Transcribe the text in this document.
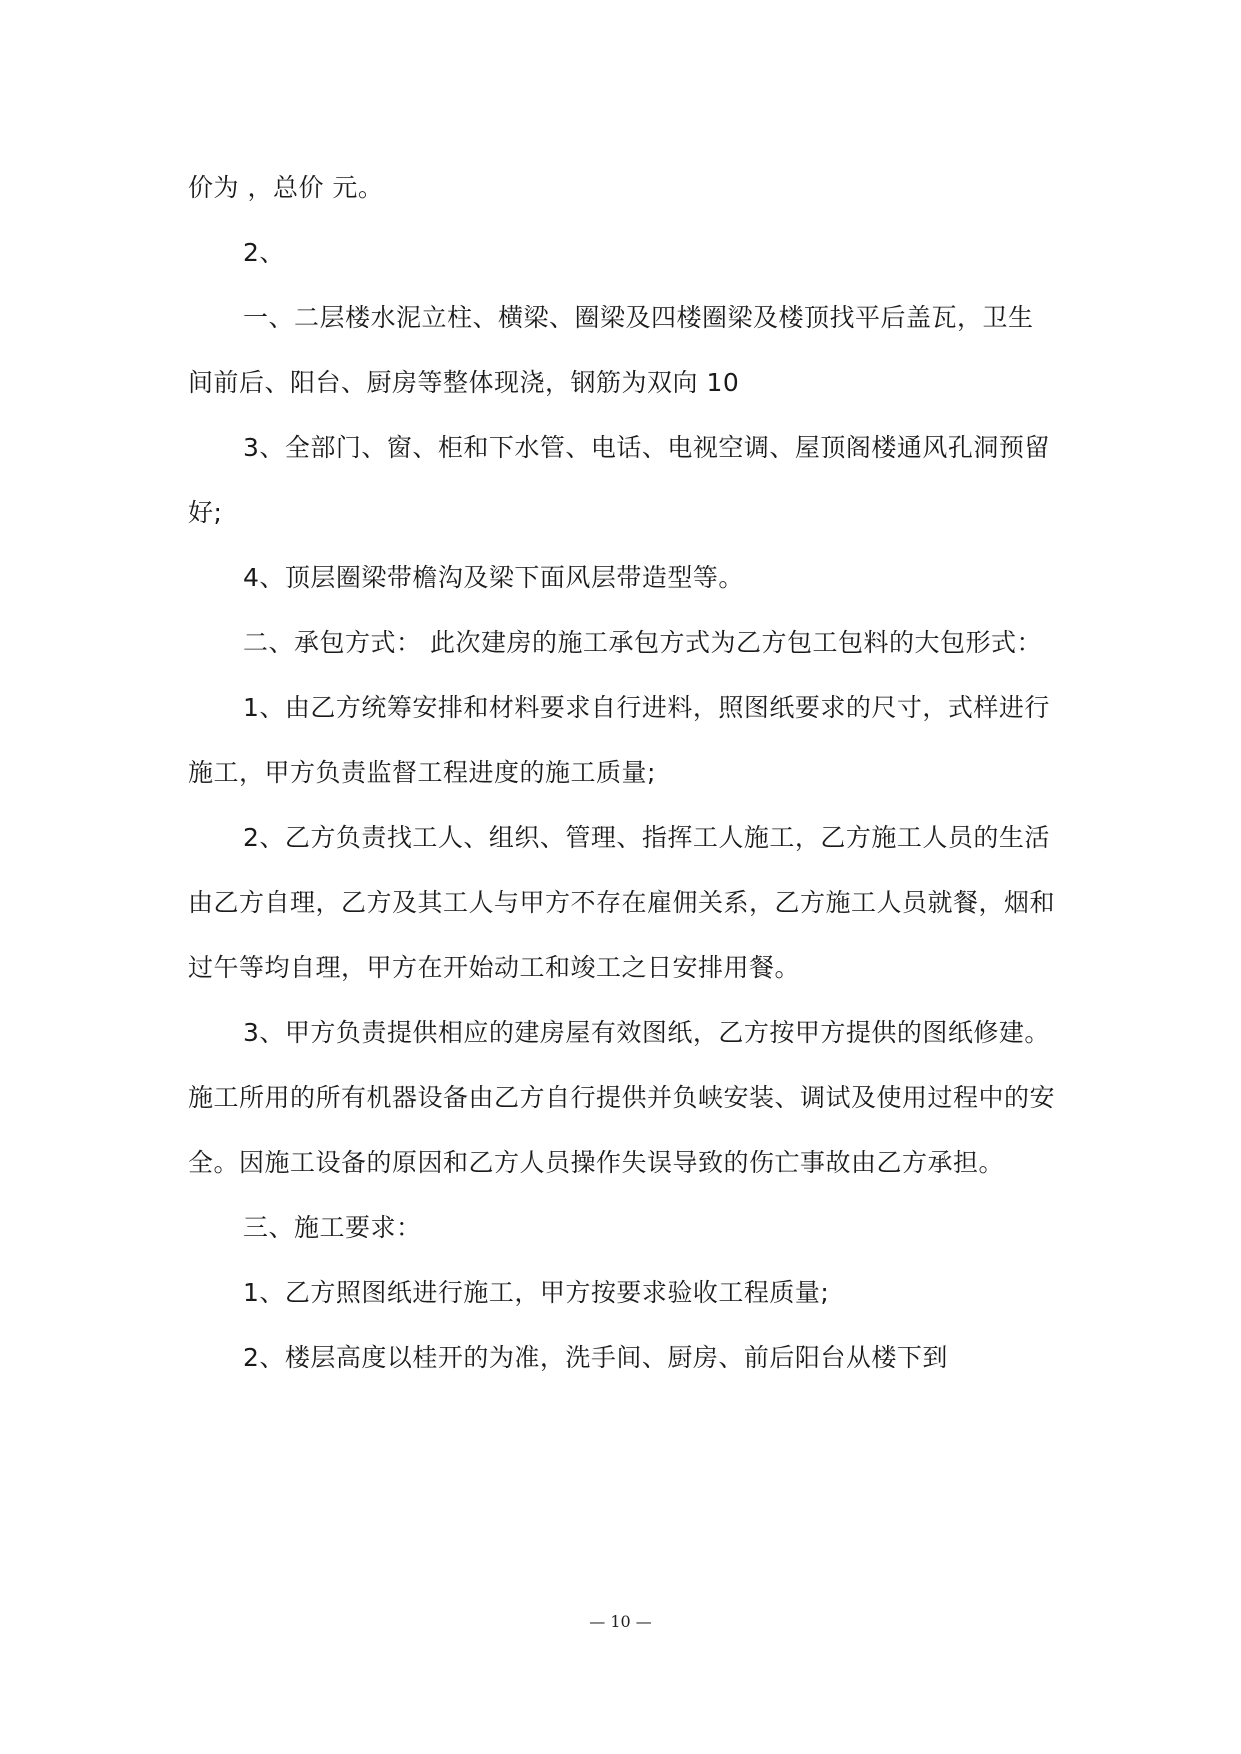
价为 ，总价 元。

2、

一、二层楼水泥立柱、横梁、圈梁及四楼圈梁及楼顶找平后盖瓦，卫生间前后、阳台、厨房等整体现浇，钢筋为双向 10

3、全部门、窗、柜和下水管、电话、电视空调、屋顶阁楼通风孔洞预留好;

4、顶层圈梁带檐沟及梁下面风层带造型等。

二、承包方式： 此次建房的施工承包方式为乙方包工包料的大包形式：

1、由乙方统筹安排和材料要求自行进料，照图纸要求的尺寸，式样进行施工，甲方负责监督工程进度的施工质量;

2、乙方负责找工人、组织、管理、指挥工人施工，乙方施工人员的生活由乙方自理，乙方及其工人与甲方不存在雇佣关系，乙方施工人员就餐，烟和过午等均自理，甲方在开始动工和竣工之日安排用餐。

3、甲方负责提供相应的建房屋有效图纸，乙方按甲方提供的图纸修建。施工所用的所有机器设备由乙方自行提供并负峡安装、调试及使用过程中的安全。因施工设备的原因和乙方人员操作失误导致的伤亡事故由乙方承担。

三、施工要求：

1、乙方照图纸进行施工，甲方按要求验收工程质量;

2、楼层高度以桂开的为准，洗手间、厨房、前后阳台从楼下到

— 10 —
